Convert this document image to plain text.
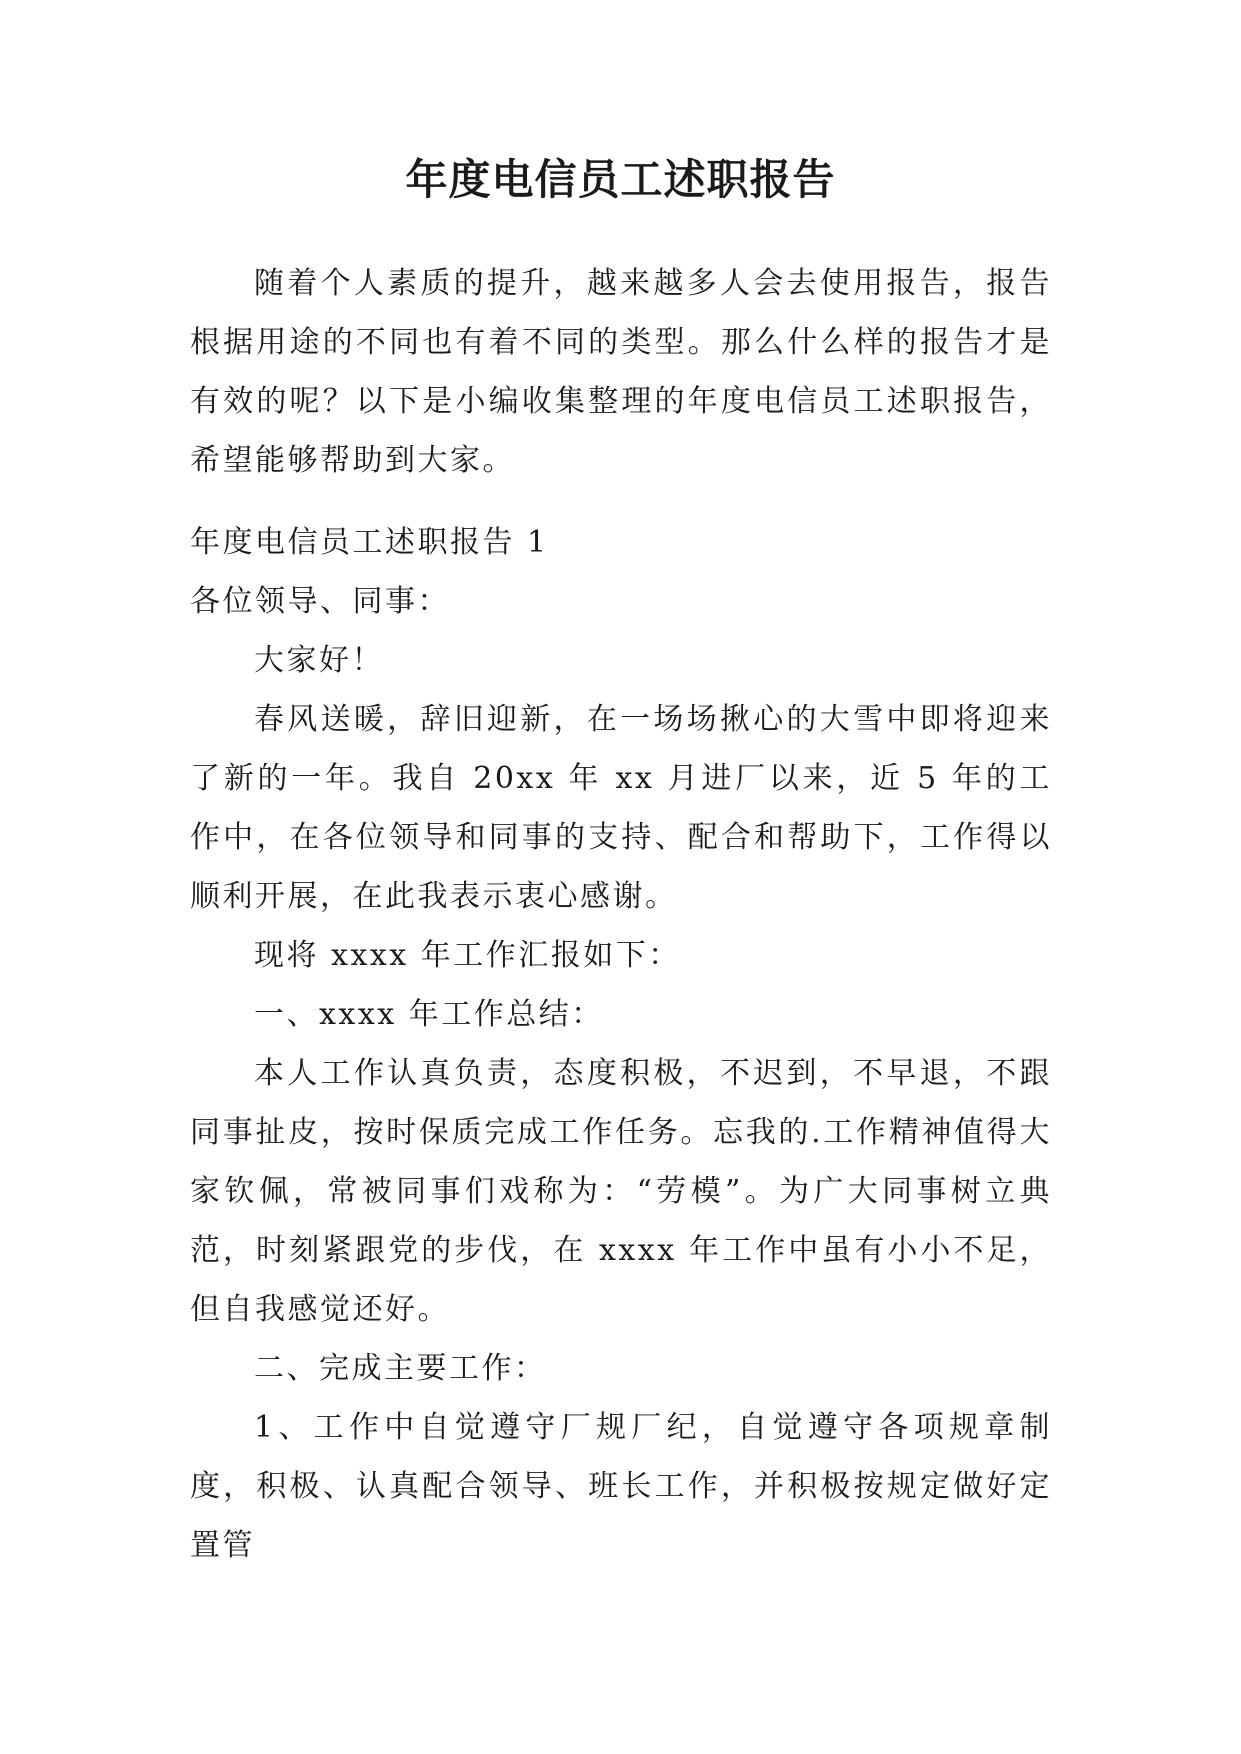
年度电信员工述职报告

随着个人素质的提升，越来越多人会去使用报告，报告根据用途的不同也有着不同的类型。那么什么样的报告才是有效的呢？以下是小编收集整理的年度电信员工述职报告，希望能够帮助到大家。

年度电信员工述职报告 1

各位领导、同事：

大家好！

春风送暖，辞旧迎新，在一场场揪心的大雪中即将迎来了新的一年。我自 20xx 年 xx 月进厂以来，近 5 年的工作中，在各位领导和同事的支持、配合和帮助下，工作得以顺利开展，在此我表示衷心感谢。

现将 xxxx 年工作汇报如下：

一、xxxx 年工作总结：

本人工作认真负责，态度积极，不迟到，不早退，不跟同事扯皮，按时保质完成工作任务。忘我的.工作精神值得大家钦佩，常被同事们戏称为：“劳模”。为广大同事树立典范，时刻紧跟党的步伐，在 xxxx 年工作中虽有小小不足，但自我感觉还好。

二、完成主要工作：

1、工作中自觉遵守厂规厂纪，自觉遵守各项规章制度，积极、认真配合领导、班长工作，并积极按规定做好定置管
